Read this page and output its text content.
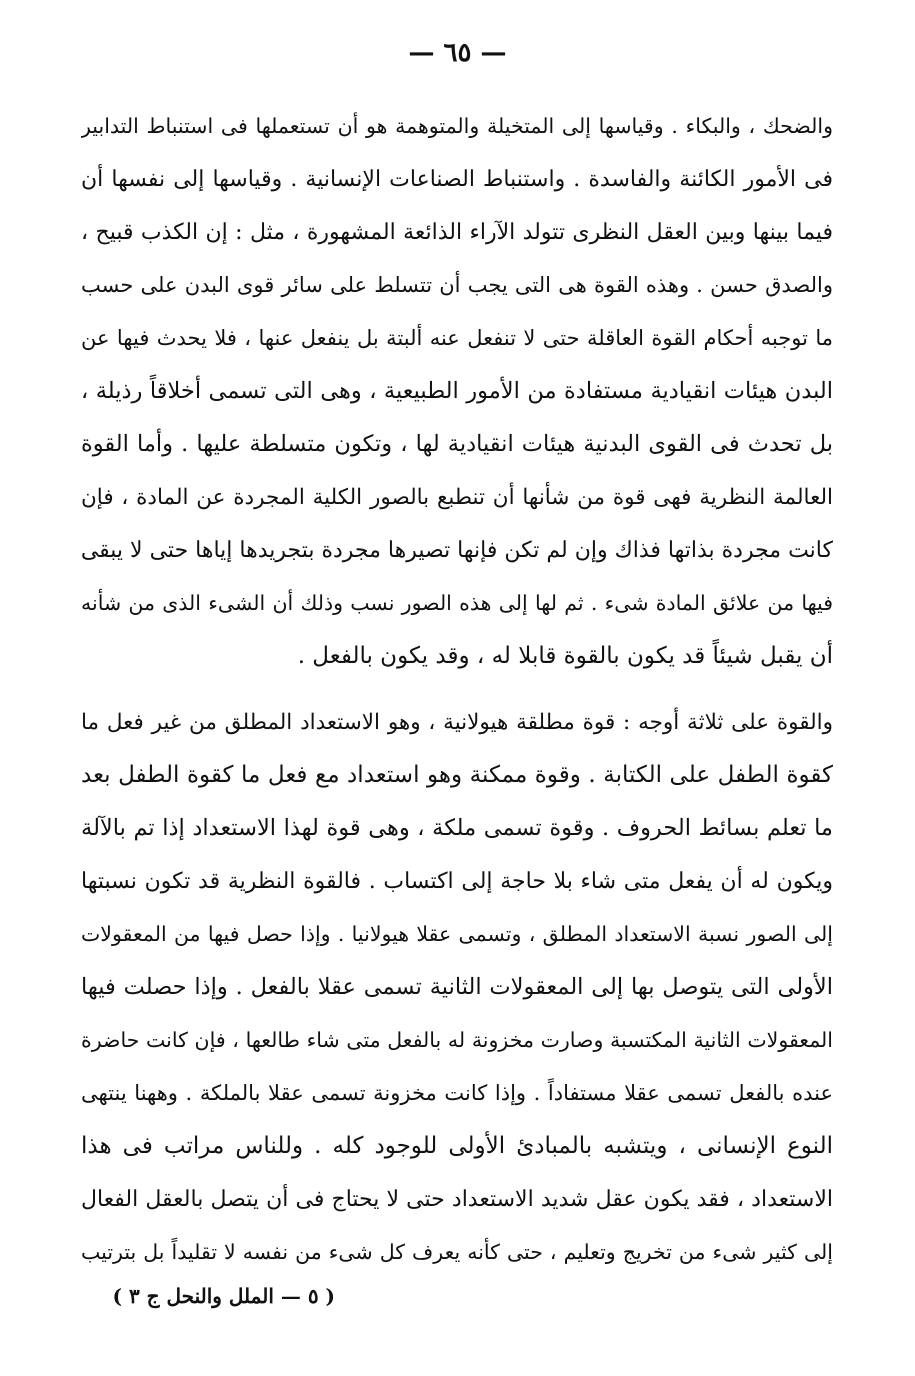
— ٦٥ —
والضحك ، والبكاء . وقياسها إلى المتخيلة والمتوهمة هو أن تستعملها فى استنباط التدابير
فى الأمور الكائنة والفاسدة . واستنباط الصناعات الإنسانية . وقياسها إلى نفسها أن
فيما بينها وبين العقل النظرى تتولد الآراء الذائعة المشهورة ، مثل : إن الكذب قبيح ،
والصدق حسن . وهذه القوة هى التى يجب أن تتسلط على سائر قوى البدن على حسب
ما توجبه أحكام القوة العاقلة حتى لا تنفعل عنه ألبتة بل ينفعل عنها ، فلا يحدث فيها عن
البدن هيئات انقيادية مستفادة من الأمور الطبيعية ، وهى التى تسمى أخلاقاً رذيلة ،
بل تحدث فى القوى البدنية هيئات انقيادية لها ، وتكون متسلطة عليها . وأما القوة
العالمة النظرية فهى قوة من شأنها أن تنطبع بالصور الكلية المجردة عن المادة ، فإن
كانت مجردة بذاتها فذاك وإن لم تكن فإنها تصيرها مجردة بتجريدها إياها حتى لا يبقى
فيها من علائق المادة شىء . ثم لها إلى هذه الصور نسب وذلك أن الشىء الذى من شأنه
أن يقبل شيئاً قد يكون بالقوة قابلا له ، وقد يكون بالفعل .
والقوة على ثلاثة أوجه : قوة مطلقة هيولانية ، وهو الاستعداد المطلق من غير فعل ما
كقوة الطفل على الكتابة . وقوة ممكنة وهو استعداد مع فعل ما كقوة الطفل بعد
ما تعلم بسائط الحروف . وقوة تسمى ملكة ، وهى قوة لهذا الاستعداد إذا تم بالآلة
ويكون له أن يفعل متى شاء بلا حاجة إلى اكتساب . فالقوة النظرية قد تكون نسبتها
إلى الصور نسبة الاستعداد المطلق ، وتسمى عقلا هيولانيا . وإذا حصل فيها من المعقولات
الأولى التى يتوصل بها إلى المعقولات الثانية تسمى عقلا بالفعل . وإذا حصلت فيها
المعقولات الثانية المكتسبة وصارت مخزونة له بالفعل متى شاء طالعها ، فإن كانت حاضرة
عنده بالفعل تسمى عقلا مستفاداً . وإذا كانت مخزونة تسمى عقلا بالملكة . وههنا ينتهى
النوع الإنسانى ، ويتشبه بالمبادئ الأولى للوجود كله . وللناس مراتب فى هذا
الاستعداد ، فقد يكون عقل شديد الاستعداد حتى لا يحتاج فى أن يتصل بالعقل الفعال
إلى كثير شىء من تخريج وتعليم ، حتى كأنه يعرف كل شىء من نفسه لا تقليداً بل بترتيب
( ٥ — الملل والنحل ج ٣ )
